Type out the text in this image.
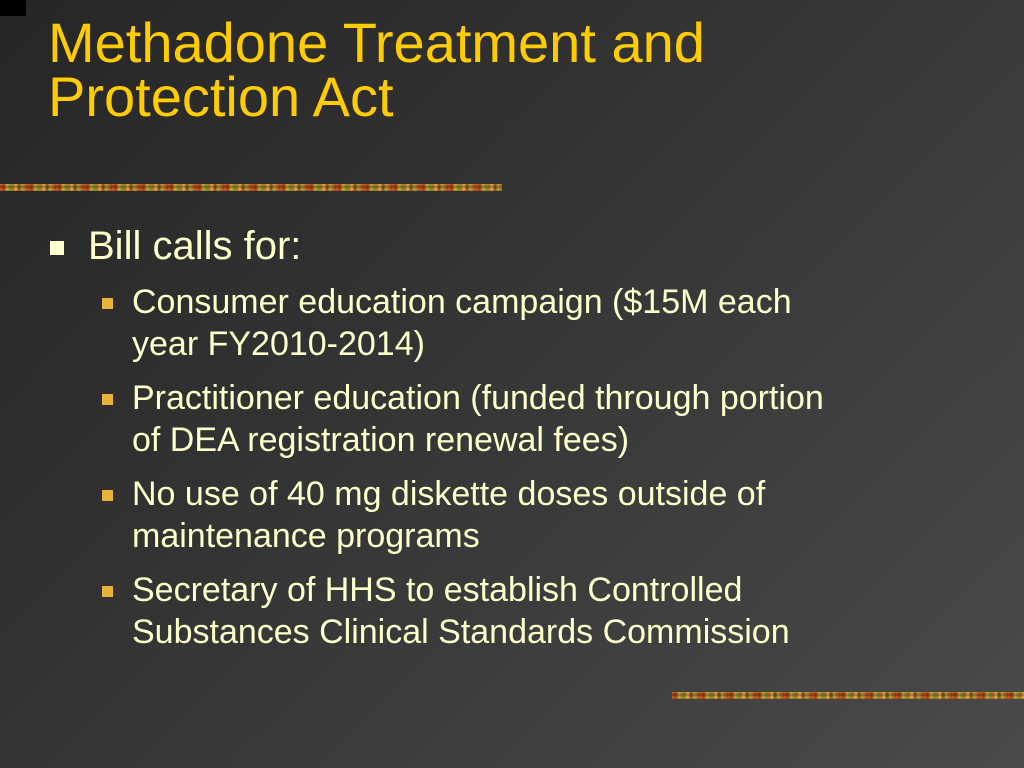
Methadone Treatment and
Protection Act
Bill calls for:
Consumer education campaign ($15M each
year FY2010-2014)
Practitioner education (funded through portion
of DEA registration renewal fees)
No use of 40 mg diskette doses outside of
maintenance programs
Secretary of HHS to establish Controlled
Substances Clinical Standards Commission
